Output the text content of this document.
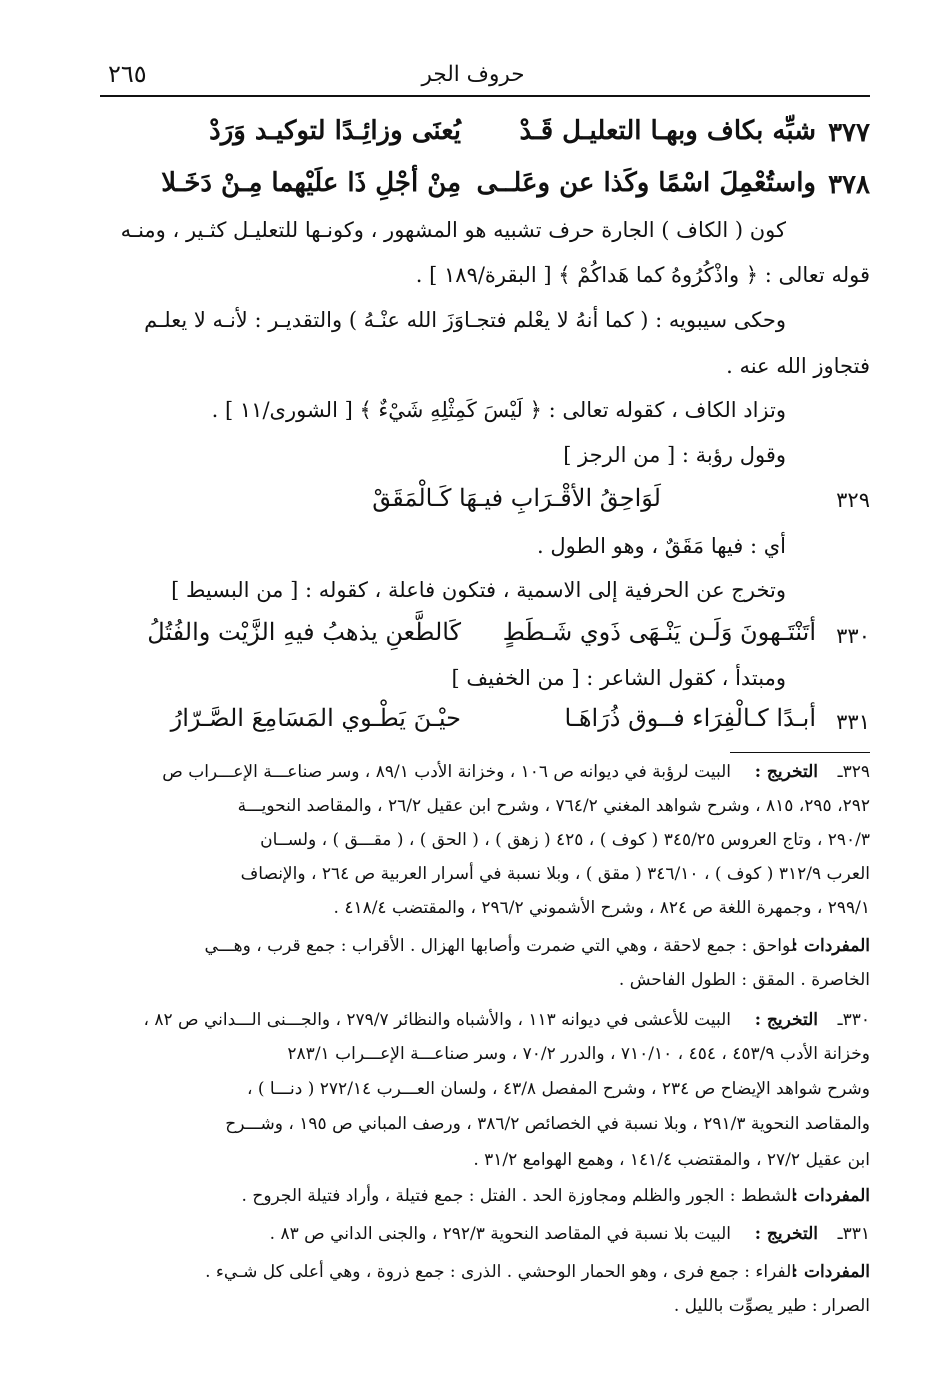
حروف الجر
٢٦٥
٣٧٧
شبِّه بكاف وبهـا التعليـل قَـدْ
يُعنَى وزائِـدًا لتوكيـد وَرَدْ
٣٧٨
واستُعْمِلَ اسْمًا وكَذا عن وعَلــى
مِنْ أجْلِ ذَا علَيْهما مِـنْ دَخَـلا
كون ( الكاف ) الجارة حرف تشبيه هو المشهور ، وكونـها للتعليـل كثـير ، ومنـه
قوله تعالى : ﴿ واذْكُرُوهُ كما هَداكُمْ ﴾ [ البقرة/١٨٩ ] .
وحكى سيبويه : ( كما أنهُ لا يعْلم فتجـاوَزَ الله عنْـهُ ) والتقديـر : لأنـه لا يعلـم
فتجاوز الله عنه .
وتزاد الكاف ، كقوله تعالى : ﴿ لَيْسَ كَمِثْلِهِ شَيْءٌ ﴾ [ الشورى/١١ ] .
وقول رؤبة : [ من الرجز ]
٣٢٩
لَوَاحِقُ الأقْـرَابِ فيـهَا كَـالْمَقَقْ
أي : فيها مَقَقٌ ، وهو الطول .
وتخرج عن الحرفية إلى الاسمية ، فتكون فاعلة ، كقوله : [ من البسيط ]
٣٣٠
أتَنْتَـهونَ وَلَـن يَنْـهَى ذَوي شَـطَطٍ
كَالطَّعنِ يذهبُ فيهِ الزَّيْت والفُتُلُ
ومبتدأ ، كقول الشاعر : [ من الخفيف ]
٣٣١
أبـدًا كـالْفِرَاء فــوق ذُرَاهَـا
حيْـنَ يَطْـوي المَسَامِعَ الصَّـرّارُ
٣٢٩ـ
التخريج :
البيت لرؤبة في ديوانه ص ١٠٦ ، وخزانة الأدب ٨٩/١ ، وسر صناعـــة الإعـــراب ص
٢٩٢، ٢٩٥، ٨١٥ ، وشرح شواهد المغني ٧٦٤/٢ ، وشرح ابن عقيل ٢٦/٢ ، والمقاصد النحويـــة
٢٩٠/٣ ، وتاج العروس ٣٤٥/٢٥ ( كوف ) ، ٤٢٥ ( زهق ) ، ( الحق ) ، ( مقـــق ) ، ولســان
العرب ٣١٢/٩ ( كوف ) ، ٣٤٦/١٠ ( مقق ) ، وبلا نسبة في أسرار العربية ص ٢٦٤ ، والإنصاف
٢٩٩/١ ، وجمهرة اللغة ص ٨٢٤ ، وشرح الأشموني ٢٩٦/٢ ، والمقتضب ٤١٨/٤ .
المفردات :
لواحق : جمع لاحقة ، وهي التي ضمرت وأصابها الهزال . الأقراب : جمع قرب ، وهـــي
الخاصرة . المقق : الطول الفاحش .
٣٣٠ـ
التخريج :
البيت للأعشى في ديوانه ١١٣ ، والأشباه والنظائر ٢٧٩/٧ ، والجـــنى الـــداني ص ٨٢ ،
وخزانة الأدب ٤٥٣/٩ ، ٤٥٤ ، ٧١٠/١٠ ، والدرر ٧٠/٢ ، وسر صناعـــة الإعـــراب ٢٨٣/١
وشرح شواهد الإيضاح ص ٢٣٤ ، وشرح المفصل ٤٣/٨ ، ولسان العـــرب ٢٧٢/١٤ ( دنـــا ) ،
والمقاصد النحوية ٢٩١/٣ ، وبلا نسبة في الخصائص ٣٨٦/٢ ، ورصف المباني ص ١٩٥ ، وشـــرح
ابن عقيل ٢٧/٢ ، والمقتضب ١٤١/٤ ، وهمع الهوامع ٣١/٢ .
المفردات :
الشطط : الجور والظلم ومجاوزة الحد . الفتل : جمع فتيلة ، وأراد فتيلة الجروح .
٣٣١ـ
التخريج :
البيت بلا نسبة في المقاصد النحوية ٢٩٢/٣ ، والجنى الداني ص ٨٣ .
المفردات :
الفراء : جمع فرى ، وهو الحمار الوحشي . الذرى : جمع ذروة ، وهي أعلى كل شـيء .
الصرار : طير يصوِّت بالليل .
